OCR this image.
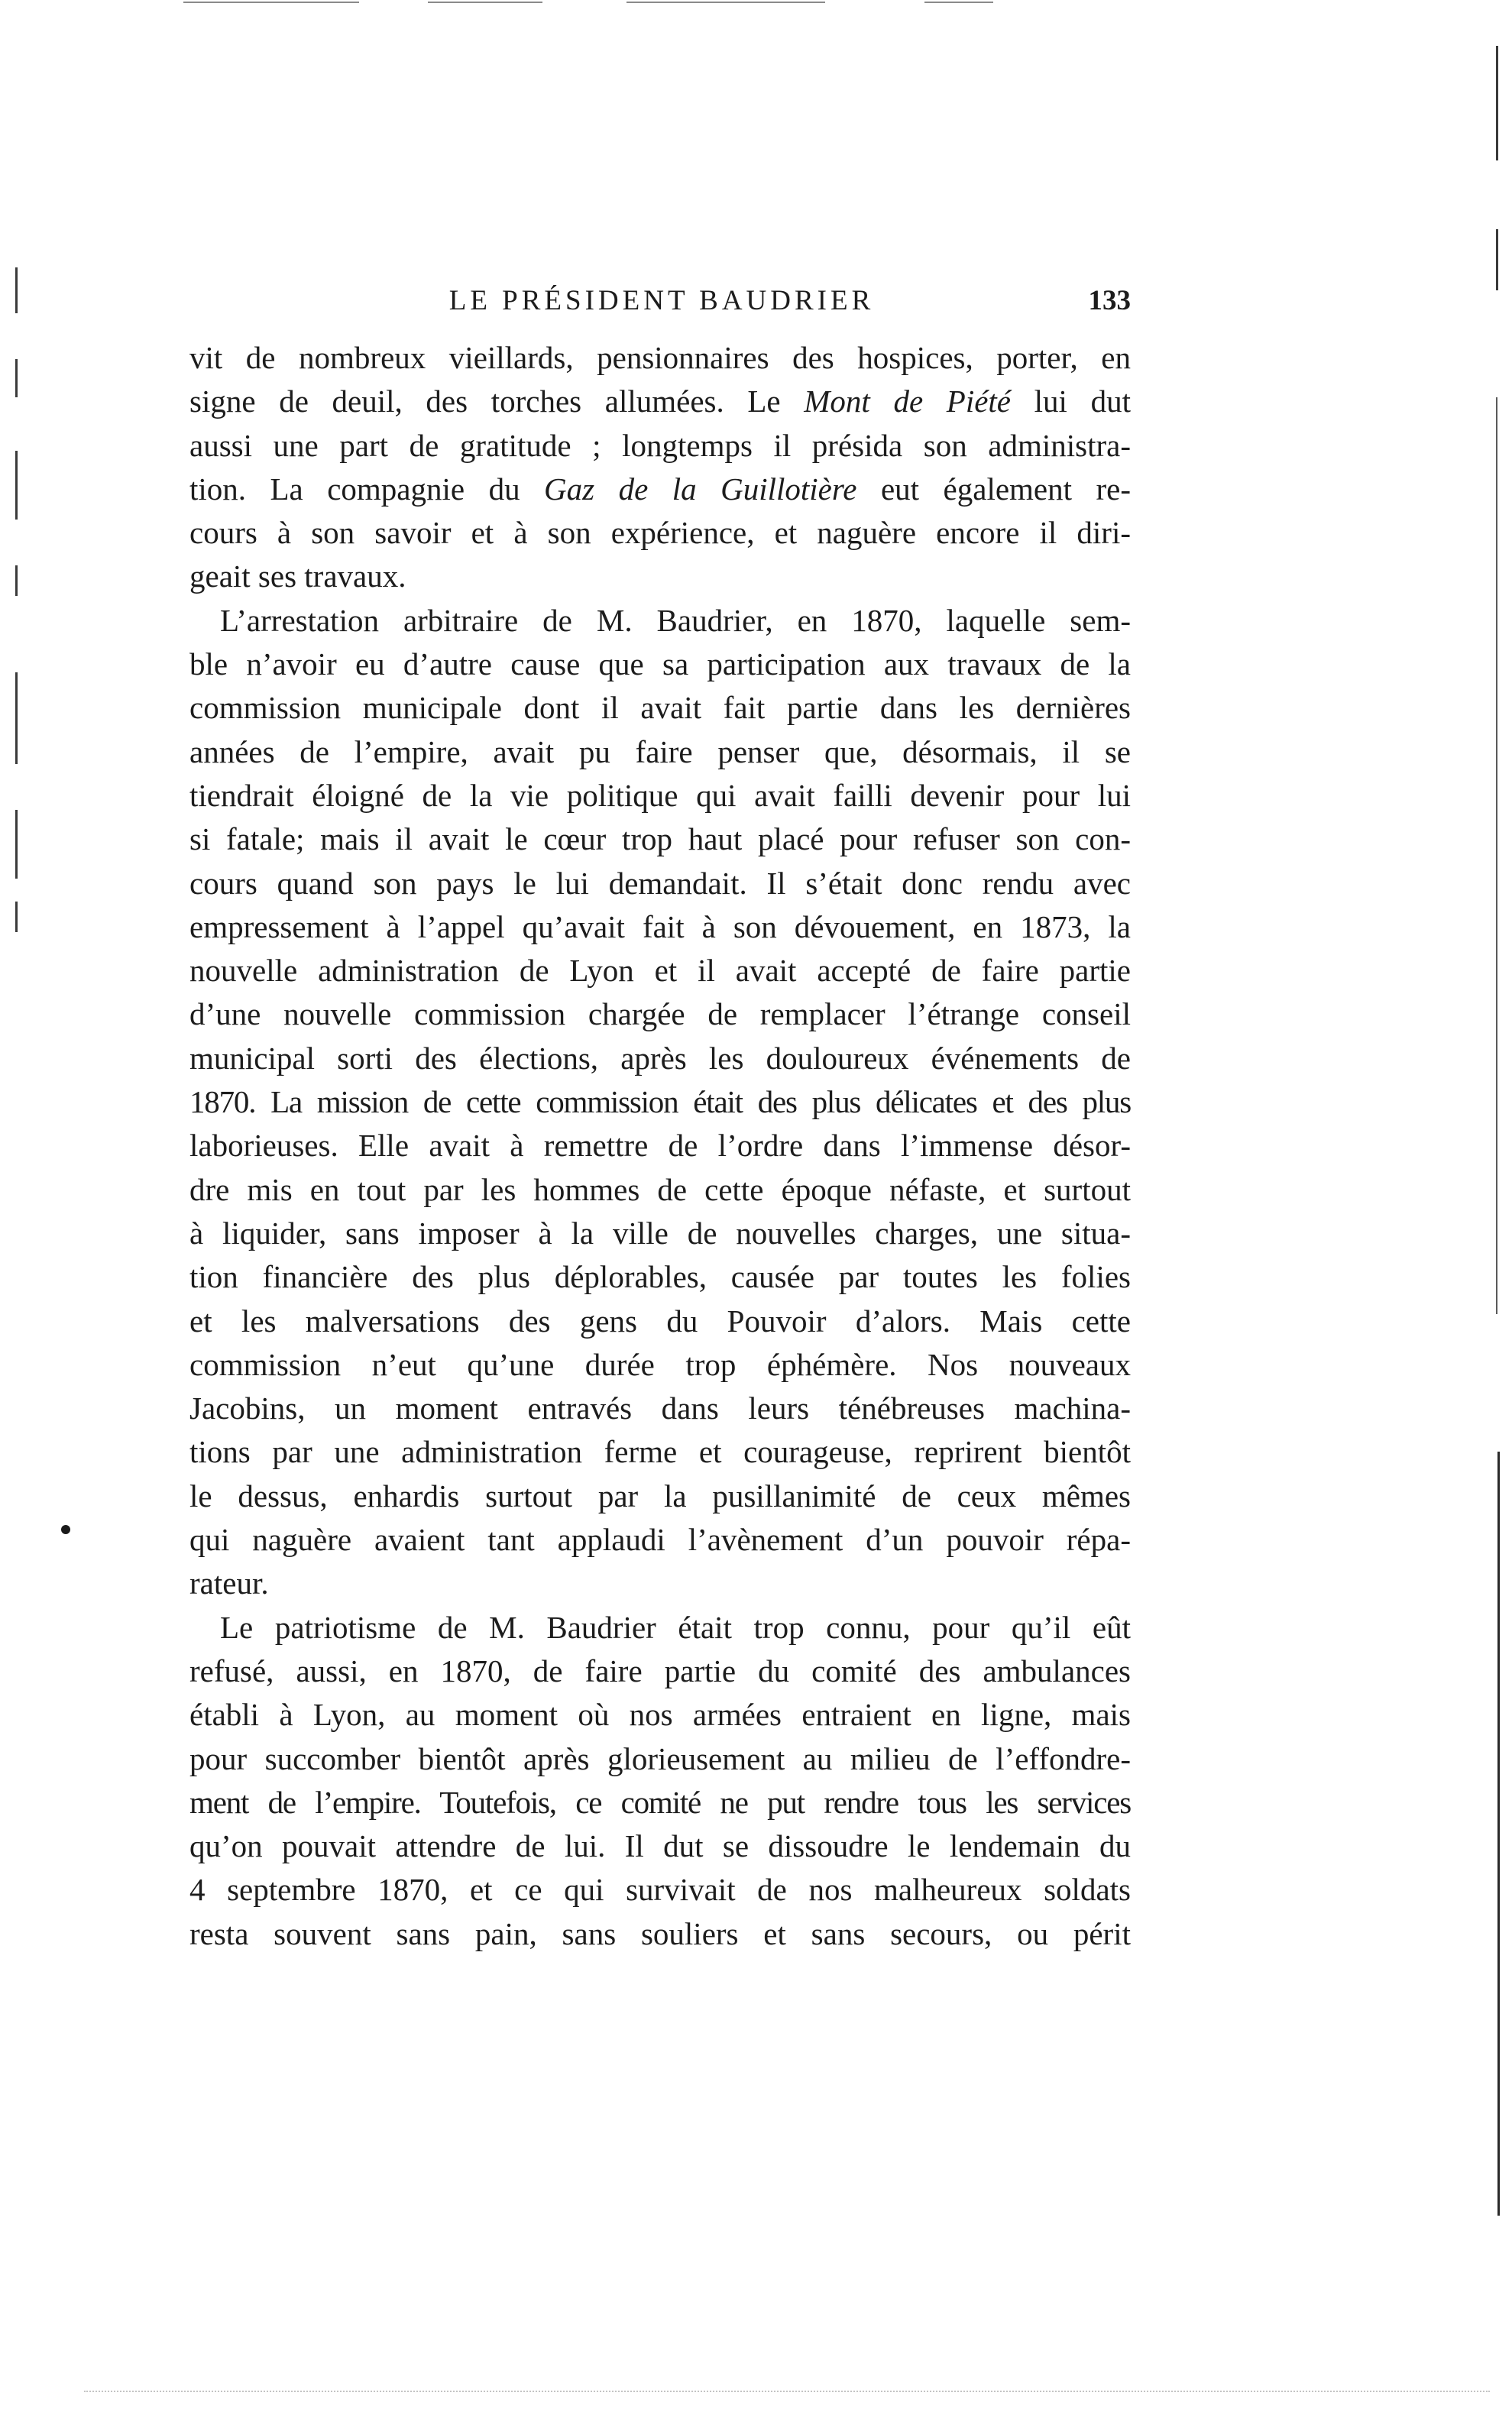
LE PRÉSIDENT BAUDRIER	133
vit de nombreux vieillards, pensionnaires des hospices, porter, en
signe de deuil, des torches allumées. Le Mont de Piété lui dut
aussi une part de gratitude ; longtemps il présida son administra-
tion. La compagnie du Gaz de la Guillotière eut également re-
cours à son savoir et à son expérience, et naguère encore il diri-
geait ses travaux.
L’arrestation arbitraire de M. Baudrier, en 1870, laquelle sem-
ble n’avoir eu d’autre cause que sa participation aux travaux de la
commission municipale dont il avait fait partie dans les dernières
années de l’empire, avait pu faire penser que, désormais, il se
tiendrait éloigné de la vie politique qui avait failli devenir pour lui
si fatale; mais il avait le cœur trop haut placé pour refuser son con-
cours quand son pays le lui demandait. Il s’était donc rendu avec
empressement à l’appel qu’avait fait à son dévouement, en 1873, la
nouvelle administration de Lyon et il avait accepté de faire partie
d’une nouvelle commission chargée de remplacer l’étrange conseil
municipal sorti des élections, après les douloureux événements de
1870. La mission de cette commission était des plus délicates et des plus
laborieuses. Elle avait à remettre de l’ordre dans l’immense désor-
dre mis en tout par les hommes de cette époque néfaste, et surtout
à liquider, sans imposer à la ville de nouvelles charges, une situa-
tion financière des plus déplorables, causée par toutes les folies
et les malversations des gens du Pouvoir d’alors. Mais cette
commission n’eut qu’une durée trop éphémère. Nos nouveaux
Jacobins, un moment entravés dans leurs ténébreuses machina-
tions par une administration ferme et courageuse, reprirent bientôt
le dessus, enhardis surtout par la pusillanimité de ceux mêmes
qui naguère avaient tant applaudi l’avènement d’un pouvoir répa-
rateur.
Le patriotisme de M. Baudrier était trop connu, pour qu’il eût
refusé, aussi, en 1870, de faire partie du comité des ambulances
établi à Lyon, au moment où nos armées entraient en ligne, mais
pour succomber bientôt après glorieusement au milieu de l’effondre-
ment de l’empire. Toutefois, ce comité ne put rendre tous les services
qu’on pouvait attendre de lui. Il dut se dissoudre le lendemain du
4 septembre 1870, et ce qui survivait de nos malheureux soldats
resta souvent sans pain, sans souliers et sans secours, ou périt
